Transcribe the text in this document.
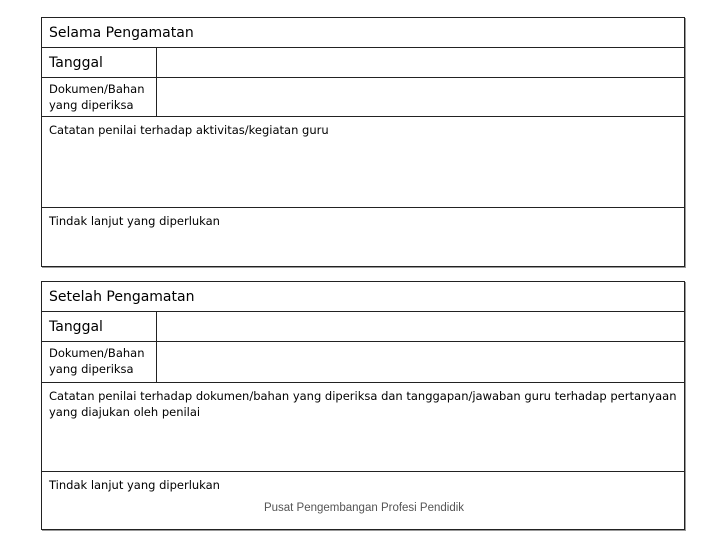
Selama Pengamatan
Tanggal
Dokumen/Bahan
yang diperiksa
Catatan penilai terhadap aktivitas/kegiatan guru
Tindak lanjut yang diperlukan
Setelah Pengamatan
Tanggal
Dokumen/Bahan
yang diperiksa
Catatan penilai terhadap dokumen/bahan yang diperiksa dan tanggapan/jawaban guru terhadap pertanyaan
yang diajukan oleh penilai
Tindak lanjut yang diperlukan
Pusat Pengembangan Profesi Pendidik
